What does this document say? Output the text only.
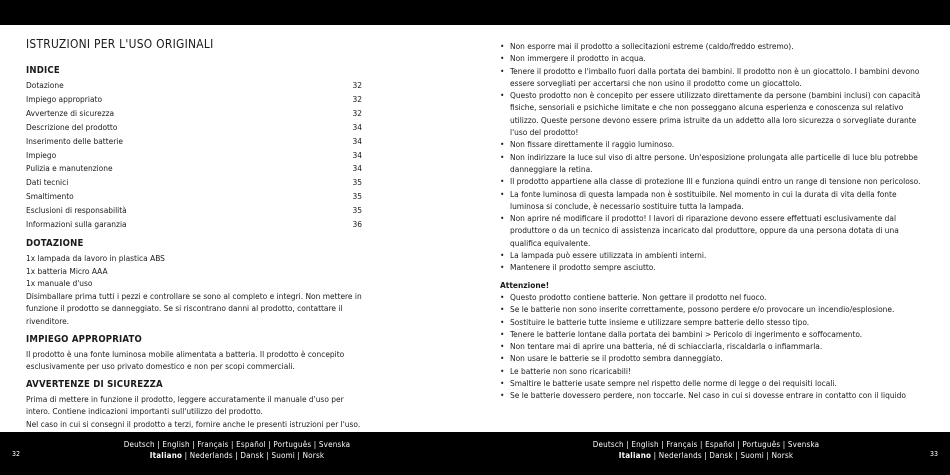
ISTRUZIONI PER L'USO ORIGINALI
INDICE
Dotazione	32
Impiego appropriato	32
Avvertenze di sicurezza	32
Descrizione del prodotto	34
Inserimento delle batterie	34
Impiego	34
Pulizia e manutenzione	34
Dati tecnici	35
Smaltimento	35
Esclusioni di responsabilità	35
Informazioni sulla garanzia	36
DOTAZIONE

1x lampada da lavoro in plastica ABS

1x batteria Micro AAA

1x manuale d'uso

Disimballare prima tutti i pezzi e controllare se sono al completo e integri. Non mettere in funzione il prodotto se danneggiato. Se si riscontrano danni al prodotto, contattare il rivenditore.

IMPIEGO APPROPRIATO

Il prodotto è una fonte luminosa mobile alimentata a batteria. Il prodotto è concepito esclusivamente per uso privato domestico e non per scopi commerciali.

AVVERTENZE DI SICUREZZA

Prima di mettere in funzione il prodotto, leggere accuratamente il manuale d'uso per intero. Contiene indicazioni importanti sull'utilizzo del prodotto.

Nel caso in cui si consegni il prodotto a terzi, fornire anche le presenti istruzioni per l'uso.

• Non esporre mai il prodotto a sollecitazioni estreme (caldo/freddo estremo).
• Non immergere il prodotto in acqua.
• Tenere il prodotto e l'imballo fuori dalla portata dei bambini. Il prodotto non è un giocattolo. I bambini devono essere sorvegliati per accertarsi che non usino il prodotto come un giocattolo.
• Questo prodotto non è concepito per essere utilizzato direttamente da persone (bambini inclusi) con capacità fisiche, sensoriali e psichiche limitate e che non posseggano alcuna esperienza e conoscenza sul relativo utilizzo. Queste persone devono essere prima istruite da un addetto alla loro sicurezza o sorvegliate durante l'uso del prodotto!
• Non fissare direttamente il raggio luminoso.
• Non indirizzare la luce sul viso di altre persone. Un'esposizione prolungata alle particelle di luce blu potrebbe danneggiare la retina.
• Il prodotto appartiene alla classe di protezione III e funziona quindi entro un range di tensione non pericoloso.
• La fonte luminosa di questa lampada non è sostituibile. Nel momento in cui la durata di vita della fonte luminosa si conclude, è necessario sostituire tutta la lampada.
• Non aprire né modificare il prodotto! I lavori di riparazione devono essere effettuati esclusivamente dal produttore o da un tecnico di assistenza incaricato dal produttore, oppure da una persona dotata di una qualifica equivalente.
• La lampada può essere utilizzata in ambienti interni.
• Mantenere il prodotto sempre asciutto.
Attenzione!
• Questo prodotto contiene batterie. Non gettare il prodotto nel fuoco.
• Se le batterie non sono inserite correttamente, possono perdere e/o provocare un incendio/esplosione.
• Sostituire le batterie tutte insieme e utilizzare sempre batterie dello stesso tipo.
• Tenere le batterie lontane dalla portata dei bambini > Pericolo di ingerimento e soffocamento.
• Non tentare mai di aprire una batteria, né di schiacciarla, riscaldarla o infiammarla.
• Non usare le batterie se il prodotto sembra danneggiato.
• Le batterie non sono ricaricabili!
• Smaltire le batterie usate sempre nel rispetto delle norme di legge o dei requisiti locali.
• Se le batterie dovessero perdere, non toccarle. Nel caso in cui si dovesse entrare in contatto con il liquido
32
Deutsch | English | Français | Español | Português | Svenska
Italiano | Nederlands | Dansk | Suomi | Norsk
Deutsch | English | Français | Español | Português | Svenska
Italiano | Nederlands | Dansk | Suomi | Norsk	33
